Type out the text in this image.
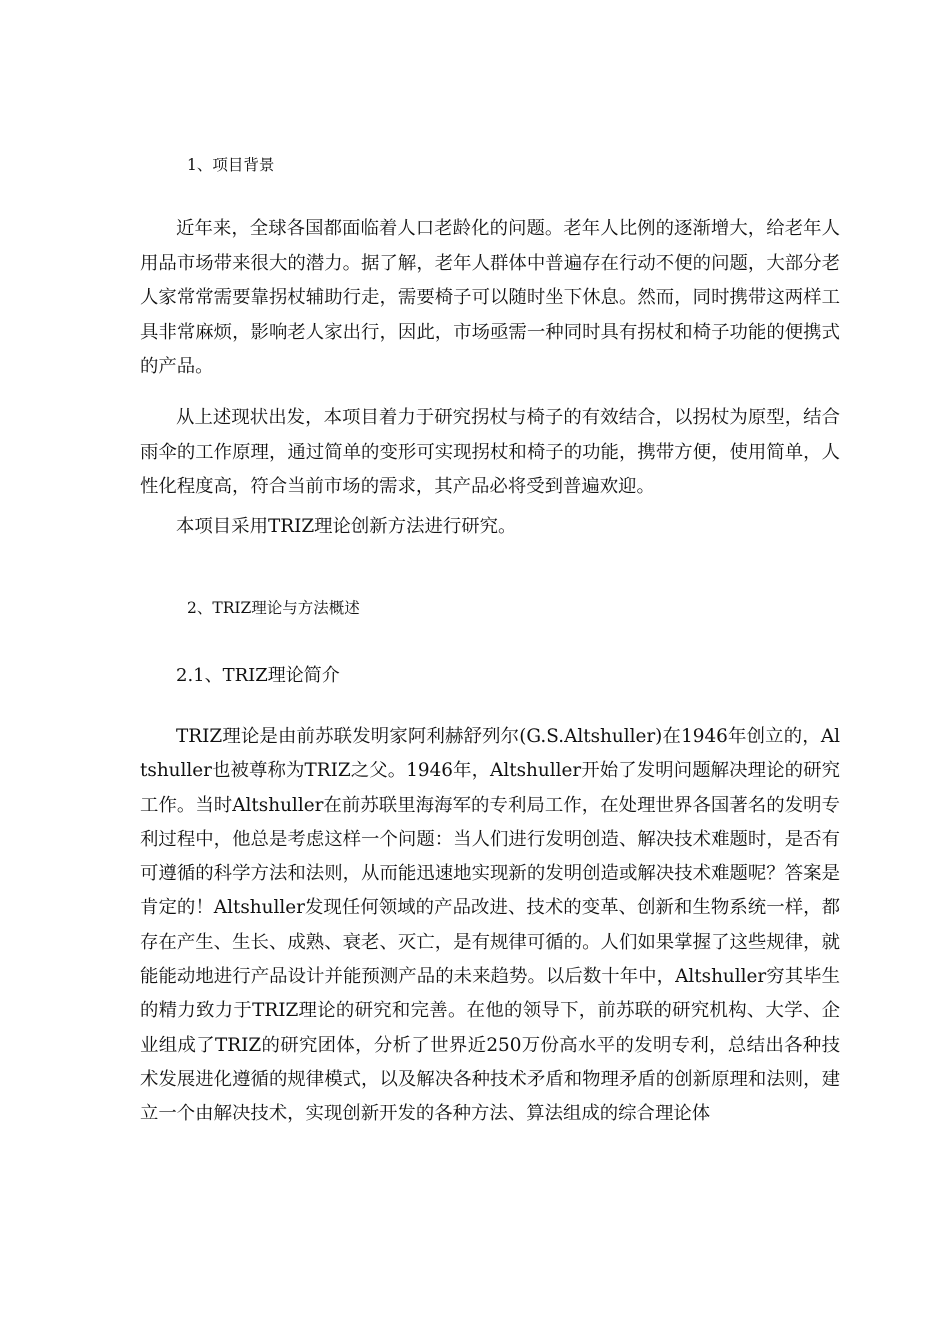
1、项目背景

近年来，全球各国都面临着人口老龄化的问题。老年人比例的逐渐增大，给老年人用品市场带来很大的潜力。据了解，老年人群体中普遍存在行动不便的问题，大部分老人家常常需要靠拐杖辅助行走，需要椅子可以随时坐下休息。然而，同时携带这两样工具非常麻烦，影响老人家出行，因此，市场亟需一种同时具有拐杖和椅子功能的便携式的产品。

从上述现状出发，本项目着力于研究拐杖与椅子的有效结合，以拐杖为原型，结合雨伞的工作原理，通过简单的变形可实现拐杖和椅子的功能，携带方便，使用简单，人性化程度高，符合当前市场的需求，其产品必将受到普遍欢迎。

本项目采用TRIZ理论创新方法进行研究。

2、TRIZ理论与方法概述
2.1、TRIZ理论简介

TRIZ理论是由前苏联发明家阿利赫舒列尔(G.S.Altshuller)在1946年创立的，Altshuller也被尊称为TRIZ之父。1946年，Altshuller开始了发明问题解决理论的研究工作。当时Altshuller在前苏联里海海军的专利局工作，在处理世界各国著名的发明专利过程中，他总是考虑这样一个问题：当人们进行发明创造、解决技术难题时，是否有可遵循的科学方法和法则，从而能迅速地实现新的发明创造或解决技术难题呢？答案是肯定的！Altshuller发现任何领域的产品改进、技术的变革、创新和生物系统一样，都存在产生、生长、成熟、衰老、灭亡，是有规律可循的。人们如果掌握了这些规律，就能能动地进行产品设计并能预测产品的未来趋势。以后数十年中，Altshuller穷其毕生的精力致力于TRIZ理论的研究和完善。在他的领导下，前苏联的研究机构、大学、企业组成了TRIZ的研究团体，分析了世界近250万份高水平的发明专利，总结出各种技术发展进化遵循的规律模式，以及解决各种技术矛盾和物理矛盾的创新原理和法则，建立一个由解决技术，实现创新开发的各种方法、算法组成的综合理论体
